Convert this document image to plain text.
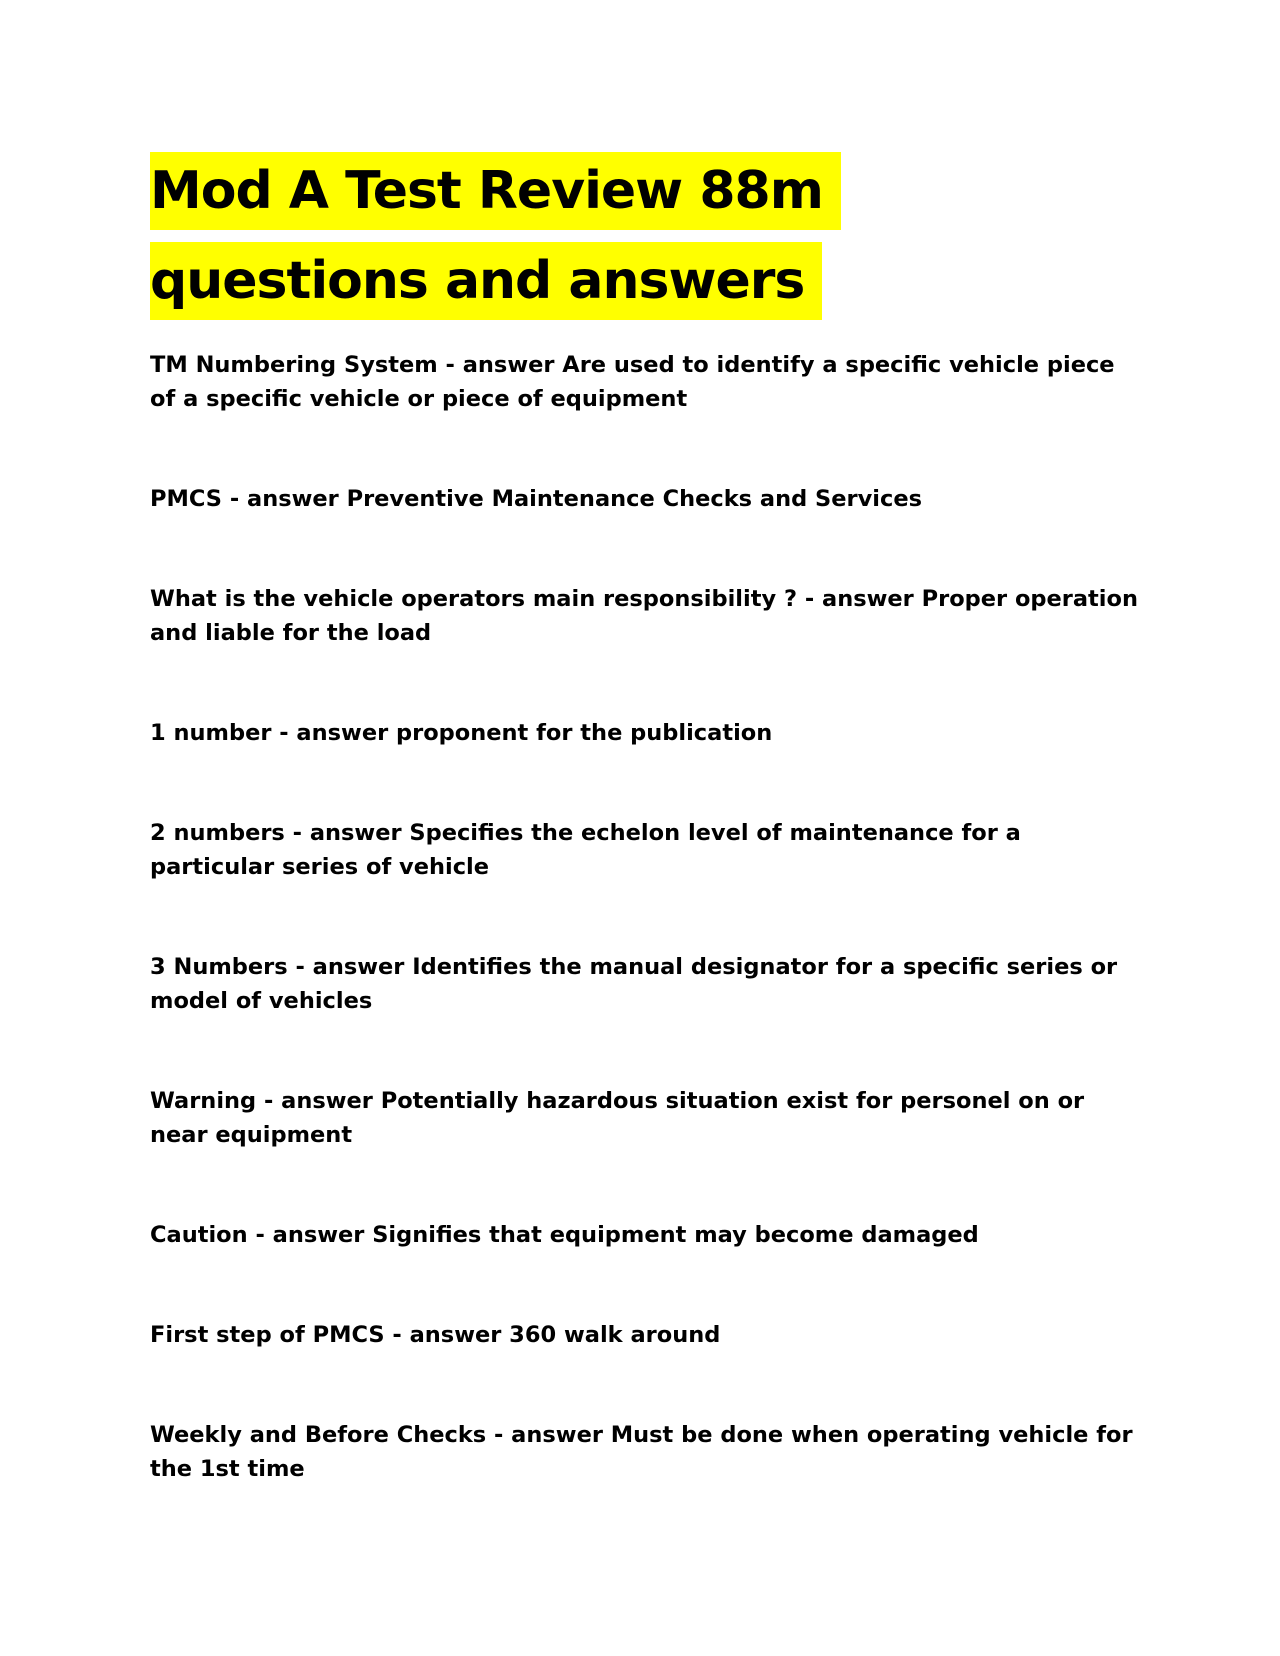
Mod A Test Review 88m
questions and answers

TM Numbering System - answer Are used to identify a specific vehicle piece of a specific vehicle or piece of equipment

PMCS - answer Preventive Maintenance Checks and Services

What is the vehicle operators main responsibility ? - answer Proper operation and liable for the load

1 number - answer proponent for the publication

2 numbers - answer Specifies the echelon level of maintenance for a particular series of vehicle

3 Numbers - answer Identifies the manual designator for a specific series or model of vehicles

Warning - answer Potentially hazardous situation exist for personel on or near equipment

Caution - answer Signifies that equipment may become damaged

First step of PMCS - answer 360 walk around

Weekly and Before Checks - answer Must be done when operating vehicle for the 1st time
